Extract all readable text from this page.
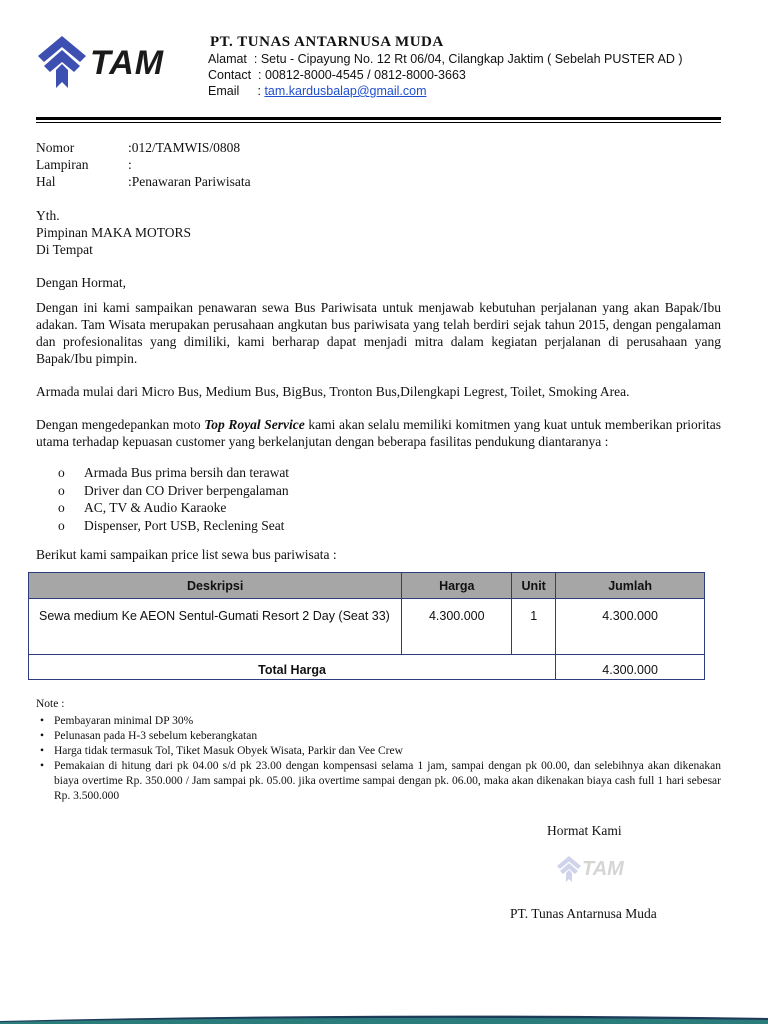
TAM
PT. TUNAS ANTARNUSA MUDA
Alamat  : Setu - Cipayung No. 12 Rt 06/04, Cilangkap Jaktim ( Sebelah PUSTER AD )
Contact  : 00812-8000-4545 / 0812-8000-3663
Email : tam.kardusbalap@gmail.com
Nomor	:012/TAMWIS/0808
Lampiran	:
Hal	:Penawaran Pariwisata
Yth.
Pimpinan MAKA MOTORS
Di Tempat
Dengan Hormat,
Dengan ini kami sampaikan penawaran sewa Bus Pariwisata untuk menjawab kebutuhan perjalanan yang akan Bapak/Ibu adakan. Tam Wisata merupakan perusahaan angkutan bus pariwisata yang telah berdiri sejak tahun 2015, dengan pengalaman dan profesionalitas yang dimiliki, kami berharap dapat menjadi mitra dalam kegiatan perjalanan di perusahaan yang Bapak/Ibu pimpin.
Armada mulai dari Micro Bus, Medium Bus, BigBus, Tronton Bus,Dilengkapi Legrest, Toilet, Smoking Area.
Dengan mengedepankan moto Top Royal Service kami akan selalu memiliki komitmen yang kuat untuk memberikan prioritas utama terhadap kepuasan customer yang berkelanjutan dengan beberapa fasilitas pendukung diantaranya :
o Armada Bus prima bersih dan terawat
o Driver dan CO Driver berpengalaman
o AC, TV & Audio Karaoke
o Dispenser, Port USB, Reclening Seat
Berikut kami sampaikan price list sewa bus pariwisata :
Deskripsi	Harga	Unit	Jumlah
Sewa medium Ke AEON Sentul-Gumati Resort 2 Day (Seat 33)	4.300.000	1	4.300.000
Total Harga			4.300.000
Note :
• Pembayaran minimal DP 30%
• Pelunasan pada H-3 sebelum keberangkatan
• Harga tidak termasuk Tol, Tiket Masuk Obyek Wisata, Parkir dan Vee Crew
• Pemakaian di hitung dari pk 04.00 s/d pk 23.00 dengan kompensasi selama 1 jam, sampai dengan pk 00.00, dan selebihnya akan dikenakan biaya overtime Rp. 350.000 / Jam sampai pk. 05.00. jika overtime sampai dengan pk. 06.00, maka akan dikenakan biaya cash full 1 hari sebesar Rp. 3.500.000
Hormat Kami
TAM
PT. Tunas Antarnusa Muda
